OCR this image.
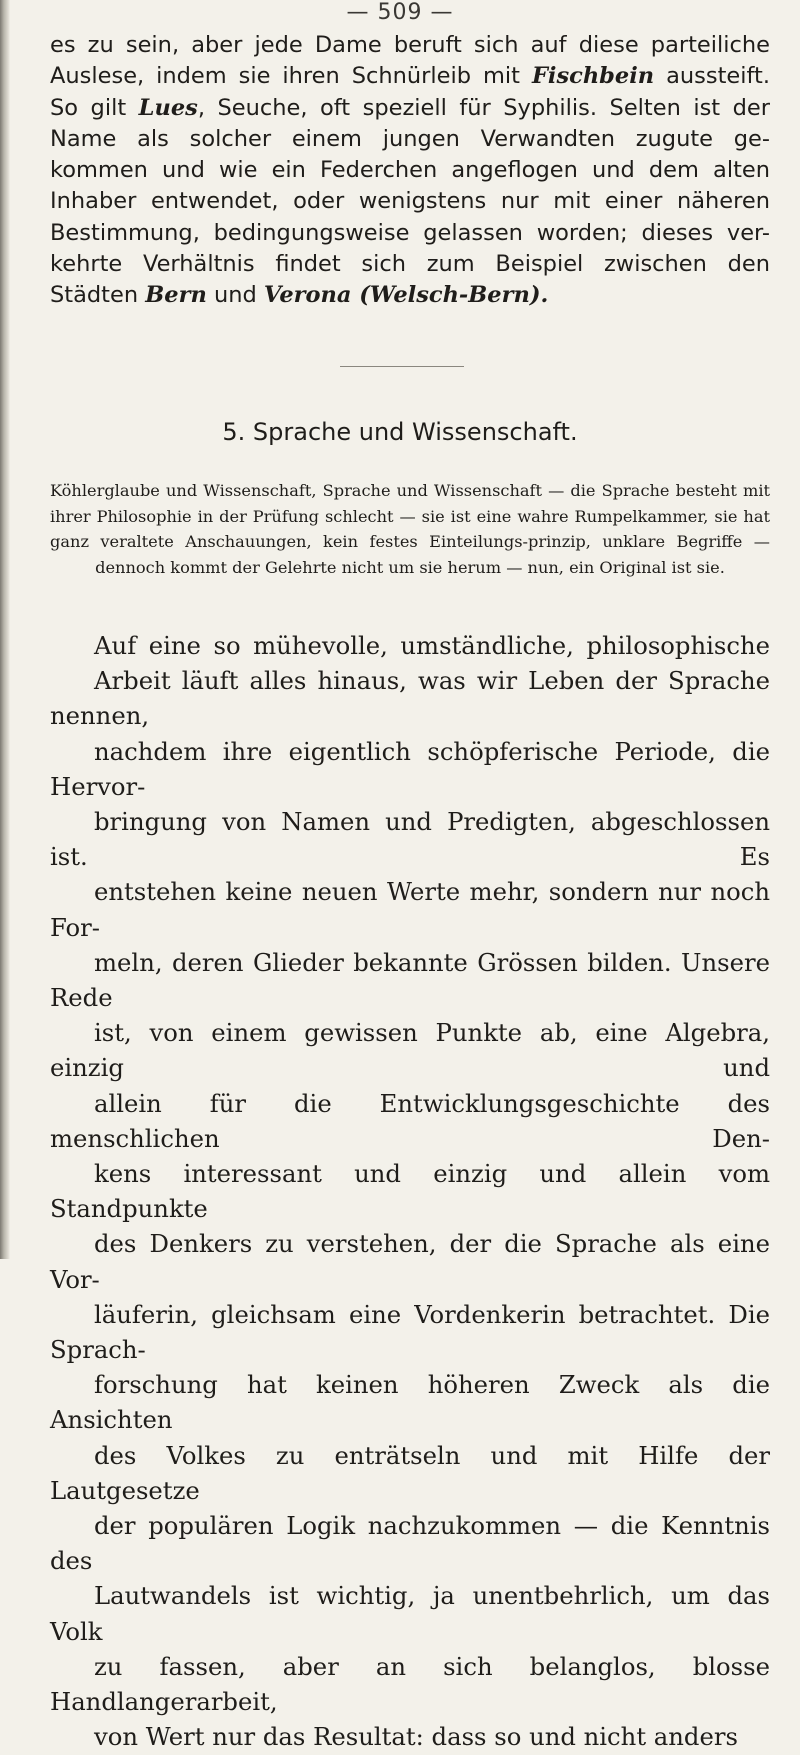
— 509 —
es zu sein, aber jede Dame beruft sich auf diese parteiliche
Auslese, indem sie ihren Schnürleib mit Fischbein aussteift.
So gilt Lues, Seuche, oft speziell für Syphilis. Selten ist der
Name als solcher einem jungen Verwandten zugute ge-
kommen und wie ein Federchen angeflogen und dem alten
Inhaber entwendet, oder wenigstens nur mit einer näheren
Bestimmung, bedingungsweise gelassen worden; dieses ver-
kehrte Verhältnis findet sich zum Beispiel zwischen den
Städten Bern und Verona (Welsch-Bern).
5. Sprache und Wissenschaft.
Köhlerglaube und Wissenschaft, Sprache und Wissenschaft — die Sprache besteht mit ihrer Philosophie in der Prüfung schlecht — sie ist eine wahre Rumpelkammer, sie hat ganz veraltete Anschauungen, kein festes Einteilungs-prinzip, unklare Begriffe — dennoch kommt der Gelehrte nicht um sie herum — nun, ein Original ist sie.
Auf eine so mühevolle, umständliche, philosophische
Arbeit läuft alles hinaus, was wir Leben der Sprache nennen,
nachdem ihre eigentlich schöpferische Periode, die Hervor-
bringung von Namen und Predigten, abgeschlossen ist. Es
entstehen keine neuen Werte mehr, sondern nur noch For-
meln, deren Glieder bekannte Grössen bilden. Unsere Rede
ist, von einem gewissen Punkte ab, eine Algebra, einzig und
allein für die Entwicklungsgeschichte des menschlichen Den-
kens interessant und einzig und allein vom Standpunkte
des Denkers zu verstehen, der die Sprache als eine Vor-
läuferin, gleichsam eine Vordenkerin betrachtet. Die Sprach-
forschung hat keinen höheren Zweck als die Ansichten
des Volkes zu enträtseln und mit Hilfe der Lautgesetze
der populären Logik nachzukommen — die Kenntnis des
Lautwandels ist wichtig, ja unentbehrlich, um das Volk
zu fassen, aber an sich belanglos, blosse Handlangerarbeit,
von Wert nur das Resultat: dass so und nicht anders
